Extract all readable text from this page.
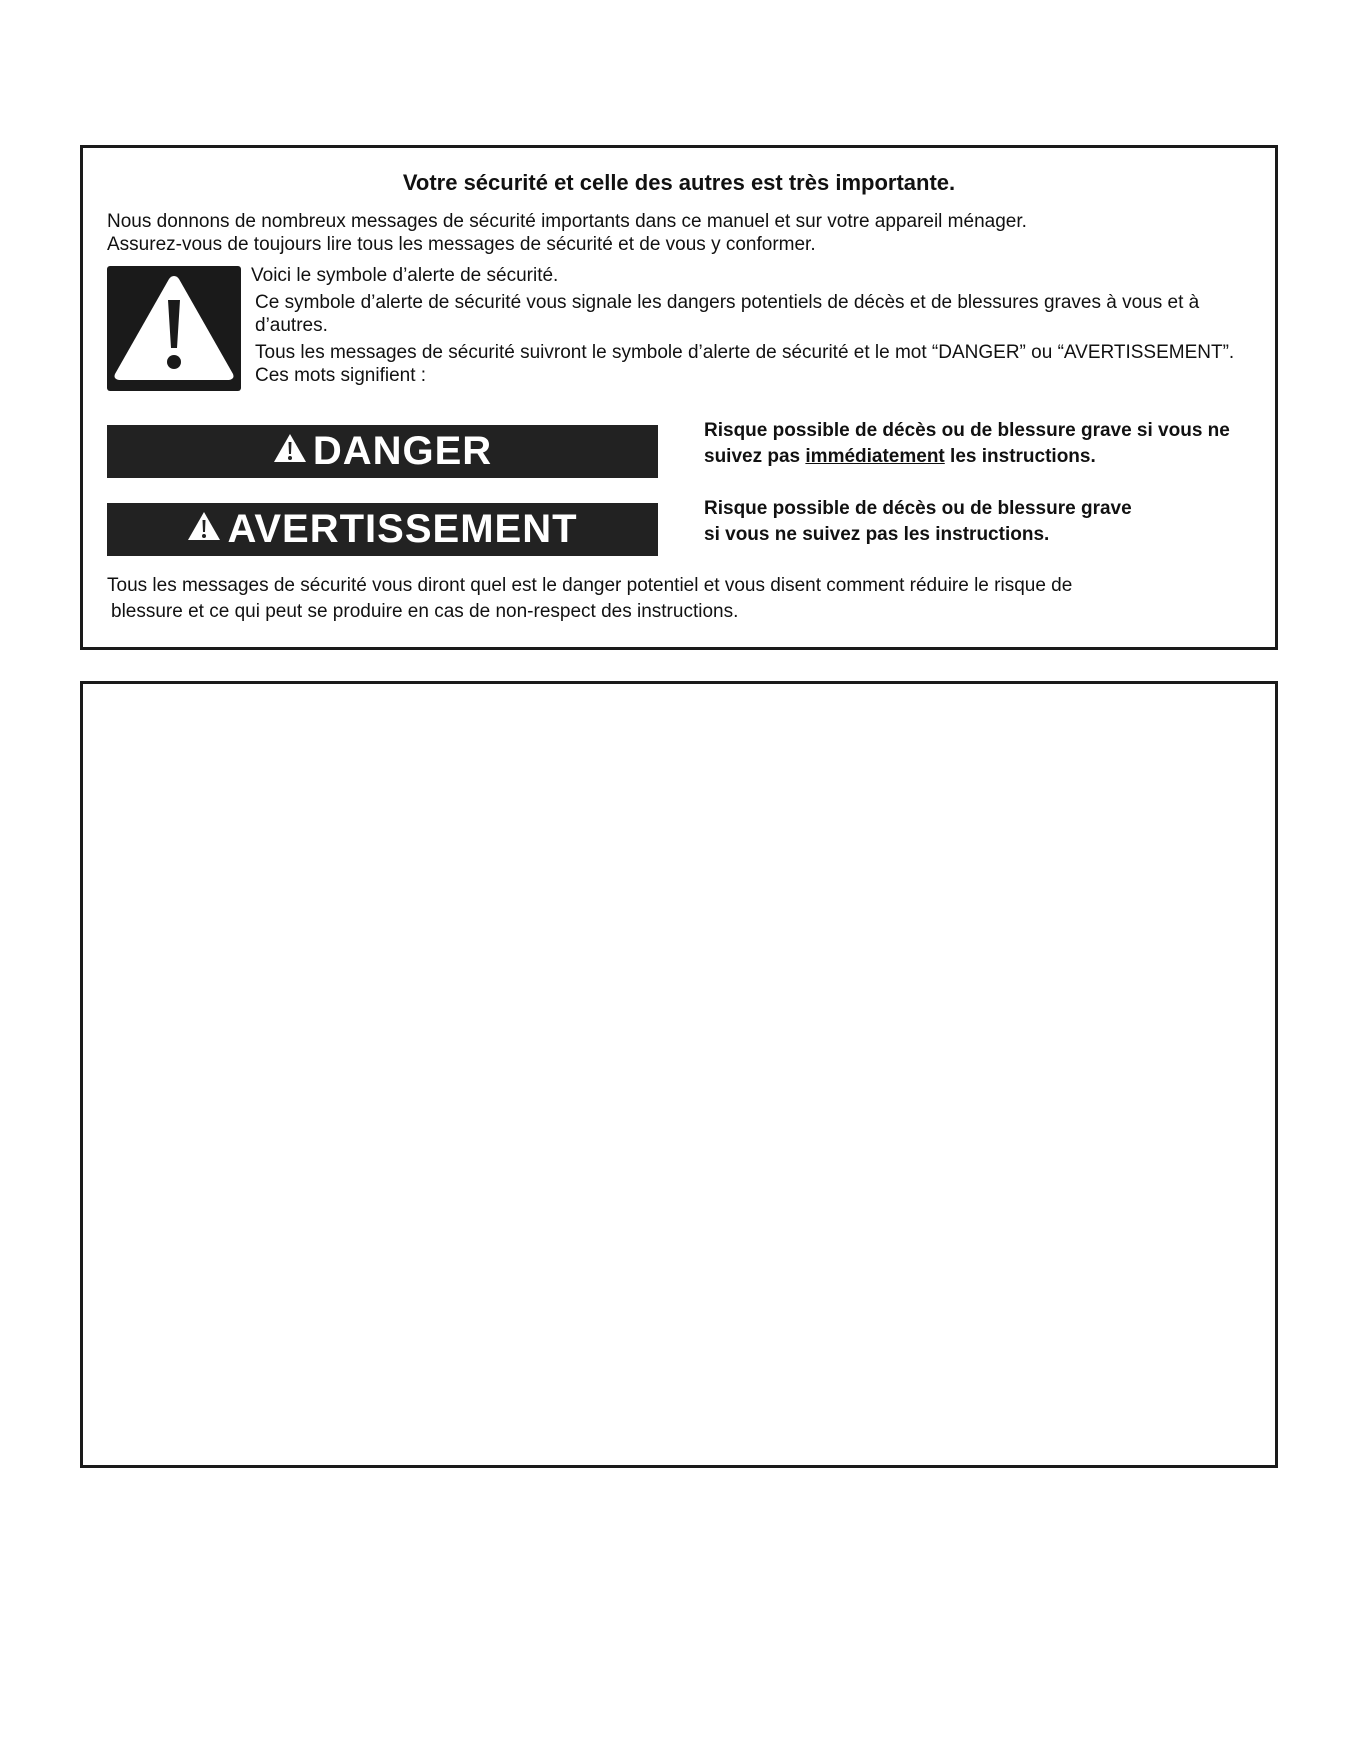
Votre sécurité et celle des autres est très importante.
Nous donnons de nombreux messages de sécurité importants dans ce manuel et sur votre appareil ménager.
Assurez-vous de toujours lire tous les messages de sécurité et de vous y conformer.

Voici le symbole d’alerte de sécurité.

Ce symbole d’alerte de sécurité vous signale les dangers potentiels de décès et de blessures graves à vous et à d’autres.

Tous les messages de sécurité suivront le symbole d’alerte de sécurité et le mot “DANGER” ou “AVERTISSEMENT”. Ces mots signifient :

DANGER	Risque possible de décès ou de blessure grave si vous ne suivez pas immédiatement les instructions.
AVERTISSEMENT	Risque possible de décès ou de blessure grave
si vous ne suivez pas les instructions.
Tous les messages de sécurité vous diront quel est le danger potentiel et vous disent comment réduire le risque de
blessure et ce qui peut se produire en cas de non-respect des instructions.
